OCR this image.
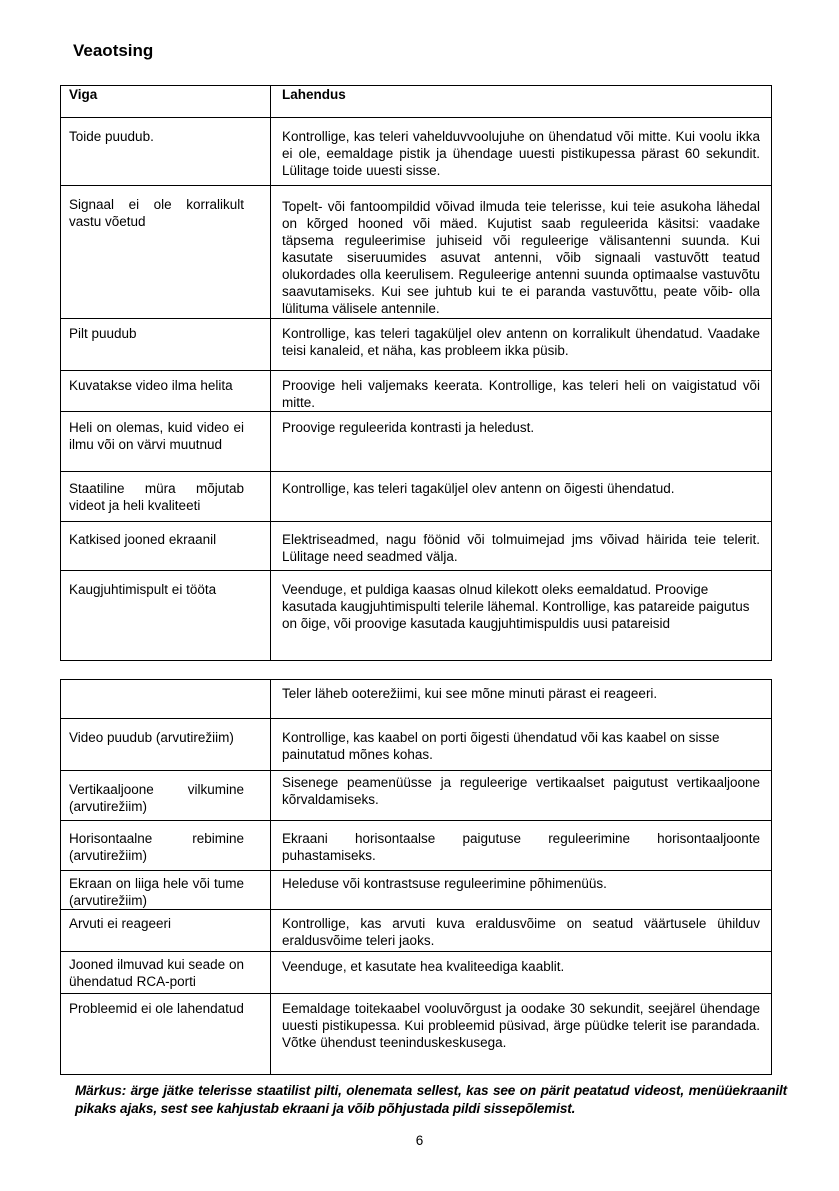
Veaotsing
Viga	Lahendus

Toide puudub.	Kontrollige, kas teleri vahelduvvoolujuhe on ühendatud või mitte. Kui voolu ikka ei ole, eemaldage pistik ja ühendage uuesti pistikupessa pärast 60 sekundit. Lülitage toide uuesti sisse.

Signaal ei ole korralikult vastu võetud	Topelt- või fantoompildid võivad ilmuda teie telerisse, kui teie asukoha lähedal on kõrged hooned või mäed. Kujutist saab reguleerida käsitsi: vaadake täpsema reguleerimise juhiseid või reguleerige välisantenni suunda. Kui kasutate siseruumides asuvat antenni, võib signaali vastuvõtt teatud olukordades olla keerulisem. Reguleerige antenni suunda optimaalse vastuvõtu saavutamiseks. Kui see juhtub kui te ei paranda vastuvõttu, peate võib- olla lülituma välisele antennile.

Pilt puudub	Kontrollige, kas teleri tagaküljel olev antenn on korralikult ühendatud. Vaadake teisi kanaleid, et näha, kas probleem ikka püsib.

Kuvatakse video ilma helita	Proovige heli valjemaks keerata. Kontrollige, kas teleri heli on vaigistatud või mitte.

Heli on olemas, kuid video ei ilmu või on värvi muutnud	Proovige reguleerida kontrasti ja heledust.

Staatiline müra mõjutab videot ja heli kvaliteeti	Kontrollige, kas teleri tagaküljel olev antenn on õigesti ühendatud.

Katkised jooned ekraanil	Elektriseadmed, nagu föönid või tolmuimejad jms võivad häirida teie telerit. Lülitage need seadmed välja.

Kaugjuhtimispult ei tööta	Veenduge, et puldiga kaasas olnud kilekott oleks eemaldatud. Proovige kasutada kaugjuhtimispulti telerile lähemal. Kontrollige, kas patareide paigutus on õige, või proovige kasutada kaugjuhtimispuldis uusi patareisid

	Teler läheb ooterežiimi, kui see mõne minuti pärast ei reageeri.

Video puudub (arvutirežiim)	Kontrollige, kas kaabel on porti õigesti ühendatud või kas kaabel on sisse painutatud mõnes kohas.

Vertikaaljoone vilkumine (arvutirežiim)	Sisenege peamenüüsse ja reguleerige vertikaalset paigutust vertikaaljoone kõrvaldamiseks.

Horisontaalne rebimine (arvutirežiim)	Ekraani horisontaalse paigutuse reguleerimine horisontaaljoonte puhastamiseks.

Ekraan on liiga hele või tume (arvutirežiim)	Heleduse või kontrastsuse reguleerimine põhimenüüs.

Arvuti ei reageeri	Kontrollige, kas arvuti kuva eraldusvõime on seatud väärtusele ühilduv eraldusvõime teleri jaoks.

Jooned ilmuvad kui seade on ühendatud RCA-porti	Veenduge, et kasutate hea kvaliteediga kaablit.

Probleemid ei ole lahendatud	Eemaldage toitekaabel vooluvõrgust ja oodake 30 sekundit, seejärel ühendage uuesti pistikupessa. Kui probleemid püsivad, ärge püüdke telerit ise parandada. Võtke ühendust teeninduskeskusega.
Märkus: ärge jätke telerisse staatilist pilti, olenemata sellest, kas see on pärit peatatud videost, menüüekraanilt pikaks ajaks, sest see kahjustab ekraani ja võib põhjustada pildi sissepõlemist.
6
